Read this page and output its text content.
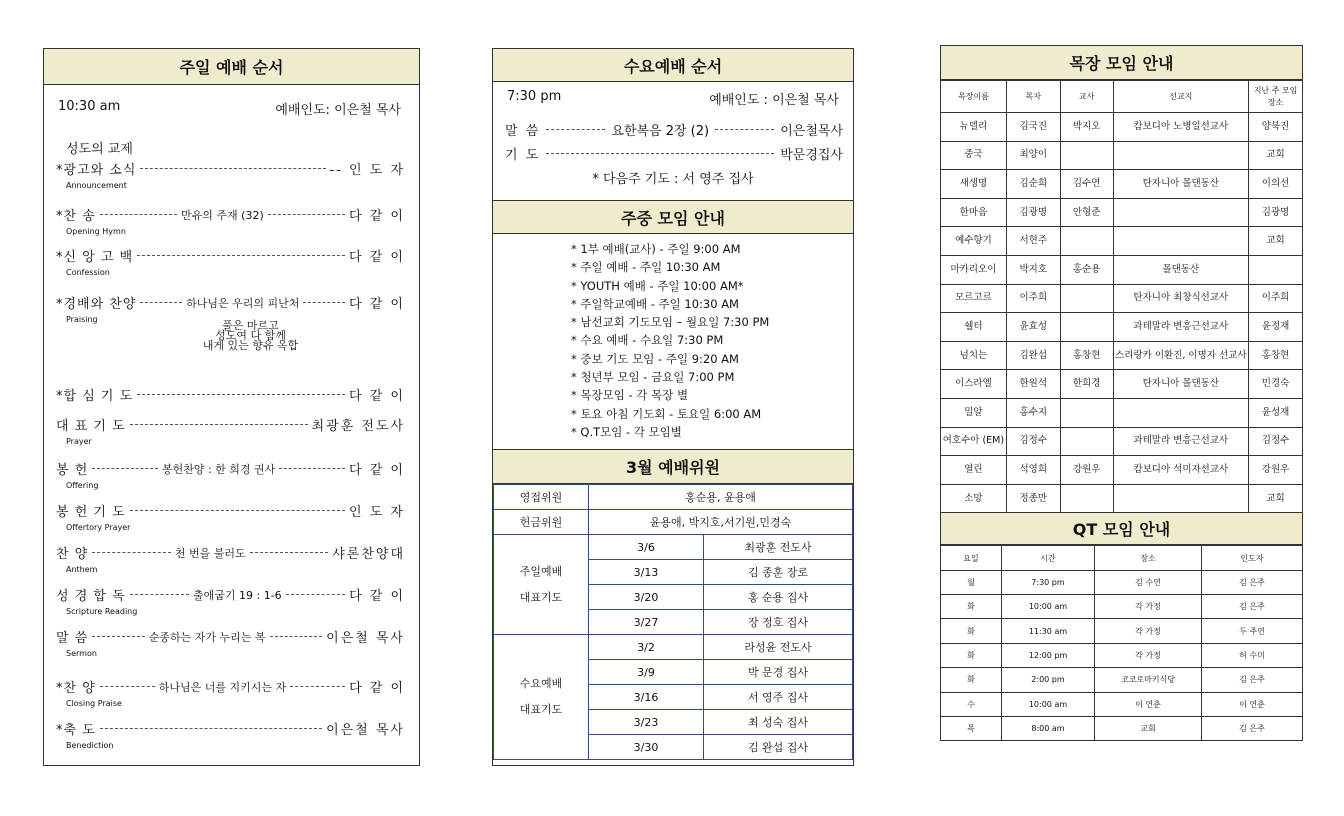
주일 예배 순서
10:30 am	예배인도: 이은철 목사
성도의 교제
*광고와 소식	-- 인 도 자
Announcement
*찬 송	만유의 주재 (32)	다 같 이
Opening Hymn
*신 앙 고 백	다 같 이
Confession
*경배와 찬양	하나님은 우리의 피난처	다 같 이
Praising	풀은 마르고
성도여 다 함께
내게 있는 향유 옥합
*합 심 기 도	다 같 이
대 표 기 도	최광훈 전도사
Prayer
봉 헌	봉헌찬양 : 한 희경 권사	다 같 이
Offering
봉 헌 기 도	인 도 자
Offertory Prayer
찬 양	천 번을 불러도	샤론찬양대
Anthem
성 경 합 독	출애굽기 19 : 1-6	다 같 이
Scripture Reading
말 씀	순종하는 자가 누리는 복	이은철 목사
Sermon
*찬 양	하나님은 너를 지키시는 자	다 같 이
Closing Praise
*축 도	이은철 목사
Benediction
수요예배 순서
7:30 pm	예배인도 : 이은철 목사
말 씀	요한복음 2장 (2)	이은철목사
기 도	박문경집사
* 다음주 기도 : 서 영주 집사
주중 모임 안내
* 1부 예배(교사) - 주일 9:00 AM
* 주일 예배 - 주일 10:30 AM
* YOUTH 예배 - 주일 10:00 AM*
* 주일학교예배 - 주일 10:30 AM
* 남선교회 기도모임 – 월요일 7:30 PM
* 수요 예배 - 수요일 7:30 PM
* 중보 기도 모임 - 주일 9:20 AM
* 청년부 모임 - 금요일 7:00 PM
* 목장모임 - 각 목장 별
* 토요 아침 기도회 - 토요일 6:00 AM
* Q.T모임 - 각 모임별
3월 예배위원
영접위원	홍순용, 윤용애	
헌금위원	윤용애, 박지호,서기원,민경숙	

주일예배
대표기도	3/6	최광훈 전도사
	3/13	김 종훈 장로
	3/20	홍 순용 집사
	3/27	장 정호 집사

수요예배
대표기도	3/2	라성윤 전도사
	3/9	박 문경 집사
	3/16	서 영주 집사
	3/23	최 성숙 집사
	3/30	김 완섭 집사
목장 모임 안내
목장이름	목자	교사	선교지	지난 주 모임 장소
뉴델리	김국진	박지오	캄보디아 노병일선교사	양북진
중국	최양이			교회
새생명	김순희	김수연	탄자니아 몰댄동산	이의선
한마음	김광명	안형준		김광명
예수향기	서현주			교회
마카리오이	박지호	홍순용	몰댄동산	
모르고르	이주희		탄자니아 최창식선교사	이주희
쉘터	윤효성		과테말라 변흥근선교사	윤정재
넘치는	김완섭	홍창현	스리랑카 이환진, 이명자 선교사	홍창현
이스라엘	한원석	한희경	탄자니아 몰댄동산	민경숙
밀알	홍수지			윤성재
여호수아 (EM)	김정수		과테말라 변흥근선교사	김정수
열린	석영희	강원우	캄보디아 석미자선교사	강원우
소망	정종만			교회
QT 모임 안내
요일	시간	장소	인도자
월	7:30 pm	김 수연	김 은주
화	10:00 am	각 가정	김 은주
화	11:30 am	각 가정	두 주연
화	12:00 pm	각 가정	허 수미
화	2:00 pm	코코로마키식당	김 은주
수	10:00 am	이 연춘	이 연춘
목	8:00 am	교회	김 은주
